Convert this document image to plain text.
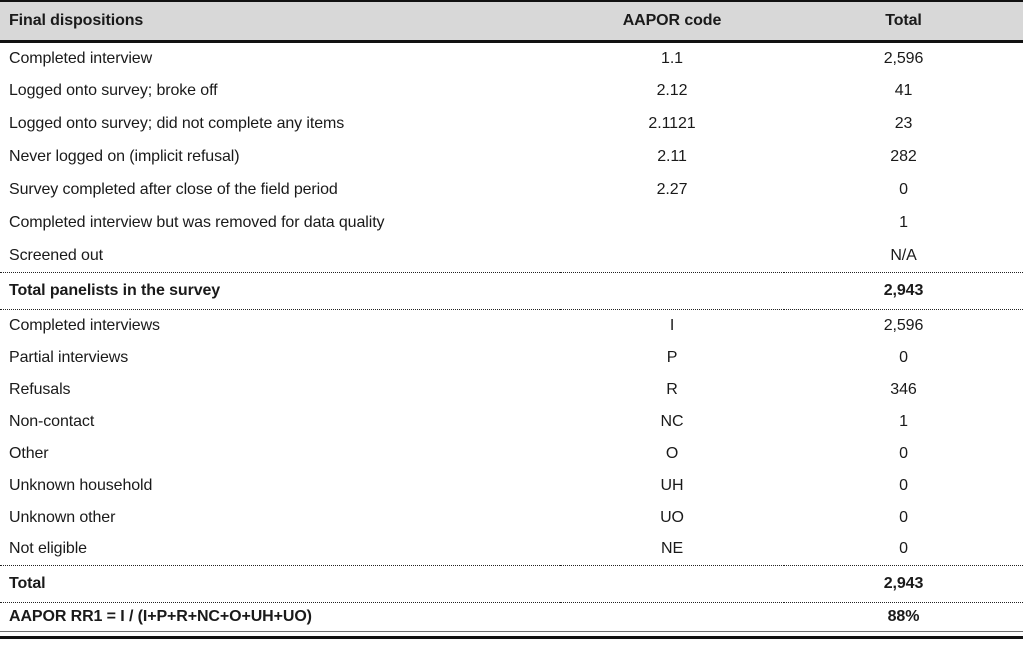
Final dispositions	AAPOR code	Total
Completed interview	1.1	2,596
Logged onto survey; broke off	2.12	41
Logged onto survey; did not complete any items	2.1121	23
Never logged on (implicit refusal)	2.11	282
Survey completed after close of the field period	2.27	0
Completed interview but was removed for data quality		1
Screened out		N/A
Total panelists in the survey		2,943
Completed interviews	I	2,596
Partial interviews	P	0
Refusals	R	346
Non-contact	NC	1
Other	O	0
Unknown household	UH	0
Unknown other	UO	0
Not eligible	NE	0
Total		2,943
AAPOR RR1 = I / (I+P+R+NC+O+UH+UO)		88%
